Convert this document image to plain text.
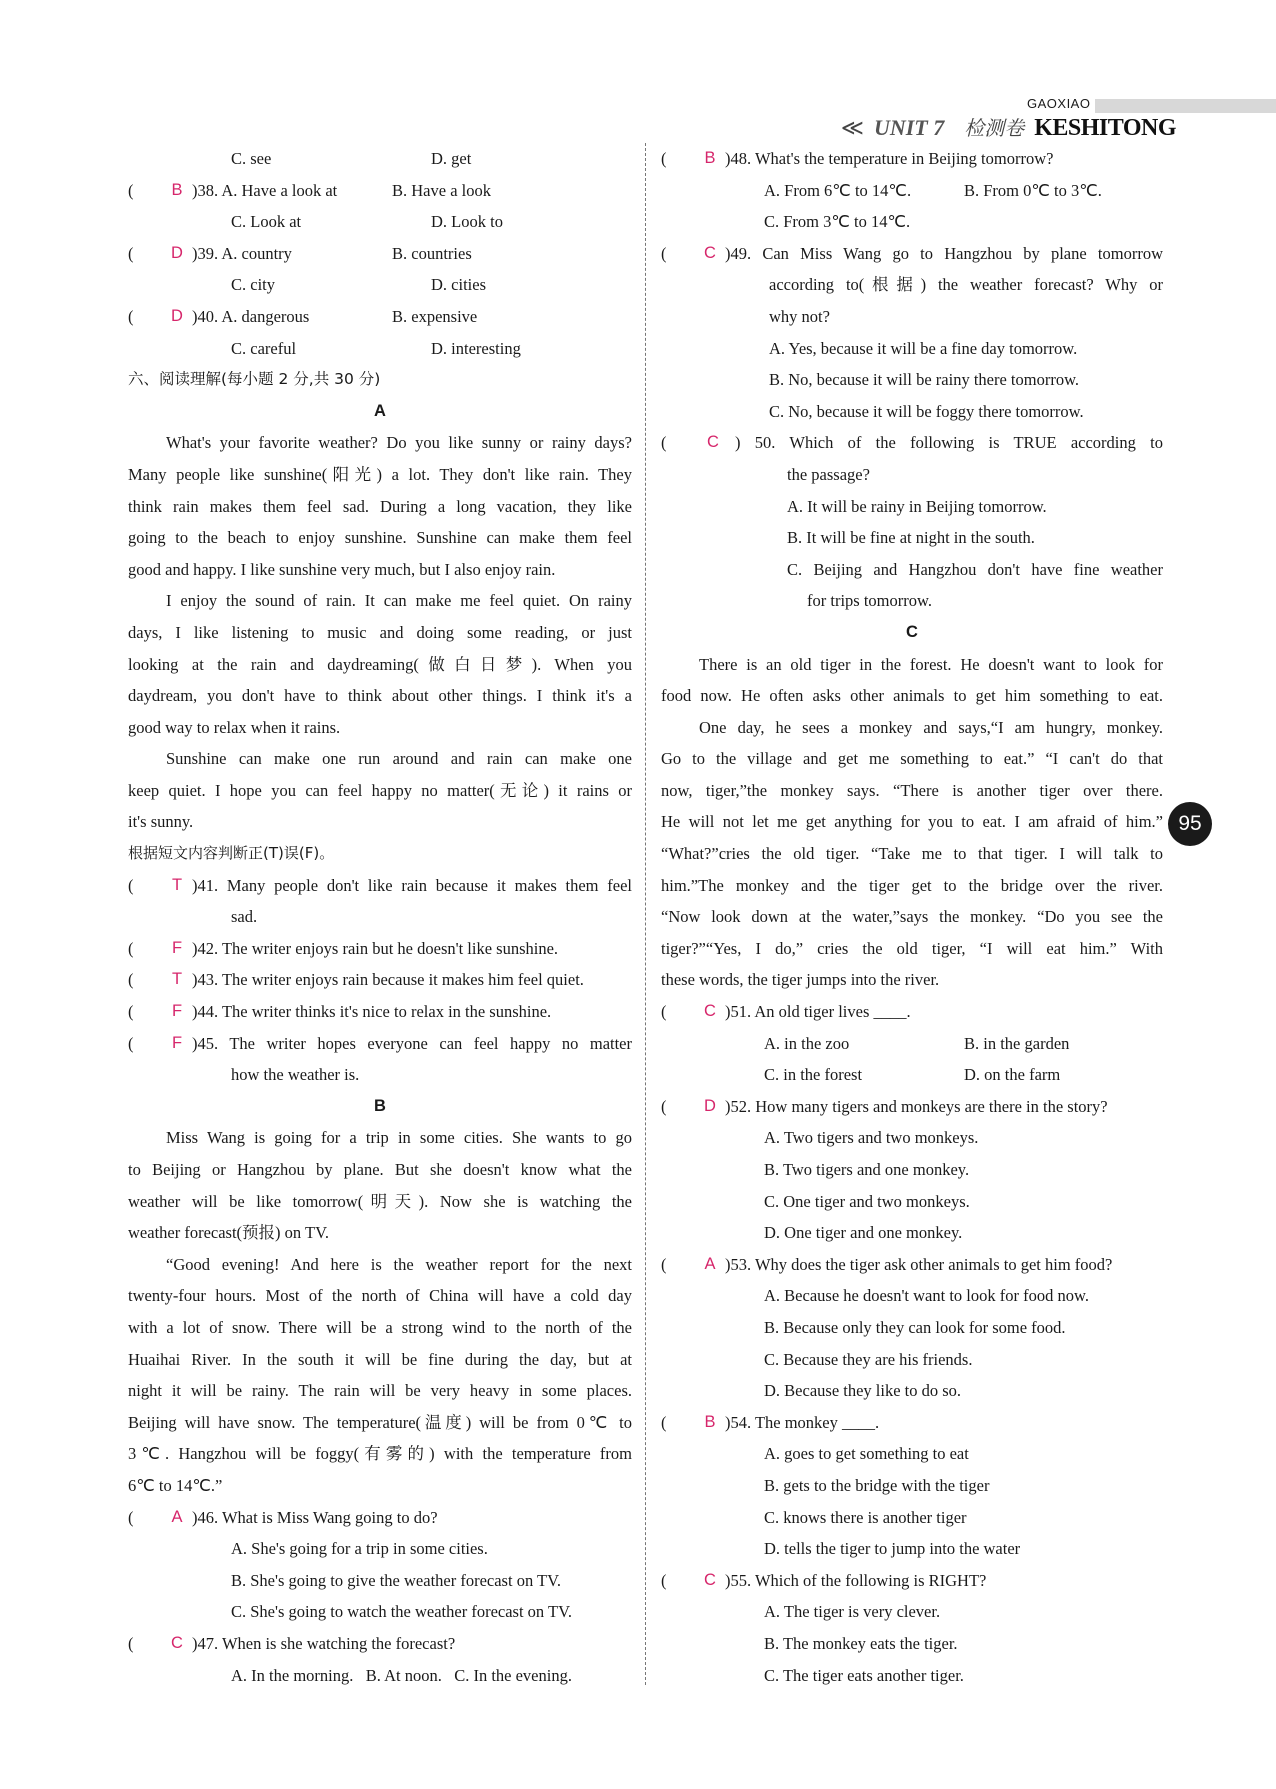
GAOXIAO
≪ UNIT 7 检测卷 KESHITONG
95
C. see	D. get
(	B )38. A. Have a look at	B. Have a look
C. Look at	D. Look to
(	D )39. A. country	B. countries
C. city	D. cities
(	D )40. A. dangerous	B. expensive
C. careful	D. interesting
六、阅读理解(每小题 2 分,共 30 分)
A
What's your favorite weather? Do you like sunny or rainy days?
Many people like sunshine(阳光) a lot. They don't like rain. They
think rain makes them feel sad. During a long vacation, they like
going to the beach to enjoy sunshine. Sunshine can make them feel
good and happy. I like sunshine very much, but I also enjoy rain.
I enjoy the sound of rain. It can make me feel quiet. On rainy
days, I like listening to music and doing some reading, or just
looking at the rain and daydreaming(做白日梦). When you
daydream, you don't have to think about other things. I think it's a
good way to relax when it rains.
Sunshine can make one run around and rain can make one
keep quiet. I hope you can feel happy no matter(无论) it rains or
it's sunny.
根据短文内容判断正(T)误(F)。
(	T )41. Many people don't like rain because it makes them feel
sad.
(	F )42. The writer enjoys rain but he doesn't like sunshine.
(	T )43. The writer enjoys rain because it makes him feel quiet.
(	F )44. The writer thinks it's nice to relax in the sunshine.
(	F )45. The writer hopes everyone can feel happy no matter
how the weather is.
B
Miss Wang is going for a trip in some cities. She wants to go
to Beijing or Hangzhou by plane. But she doesn't know what the
weather will be like tomorrow(明天). Now she is watching the
weather forecast(预报) on TV.
“Good evening! And here is the weather report for the next
twenty-four hours. Most of the north of China will have a cold day
with a lot of snow. There will be a strong wind to the north of the
Huaihai River. In the south it will be fine during the day, but at
night it will be rainy. The rain will be very heavy in some places.
Beijing will have snow. The temperature(温度) will be from 0℃ to
3℃. Hangzhou will be foggy(有雾的) with the temperature from
6℃ to 14℃.”
(	A )46. What is Miss Wang going to do?
A. She's going for a trip in some cities.
B. She's going to give the weather forecast on TV.
C. She's going to watch the weather forecast on TV.
(	C )47. When is she watching the forecast?
A. In the morning.   B. At noon.   C. In the evening.
(	B )48. What's the temperature in Beijing tomorrow?
A. From 6℃ to 14℃.	B. From 0℃ to 3℃.
C. From 3℃ to 14℃.
(	C )49. Can Miss Wang go to Hangzhou by plane tomorrow
according to(根据) the weather forecast? Why or
why not?
A. Yes, because it will be a fine day tomorrow.
B. No, because it will be rainy there tomorrow.
C. No, because it will be foggy there tomorrow.
(	C ) 50. Which of the following is TRUE according to
the passage?
A. It will be rainy in Beijing tomorrow.
B. It will be fine at night in the south.
C. Beijing and Hangzhou don't have fine weather
for trips tomorrow.
C
There is an old tiger in the forest. He doesn't want to look for
food now. He often asks other animals to get him something to eat.
One day, he sees a monkey and says,“I am hungry, monkey.
Go to the village and get me something to eat.” “I can't do that
now, tiger,”the monkey says. “There is another tiger over there.
He will not let me get anything for you to eat. I am afraid of him.”
“What?”cries the old tiger. “Take me to that tiger. I will talk to
him.”The monkey and the tiger get to the bridge over the river.
“Now look down at the water,”says the monkey. “Do you see the
tiger?”“Yes, I do,” cries the old tiger, “I will eat him.” With
these words, the tiger jumps into the river.
(	C )51. An old tiger lives ____.
A. in the zoo	B. in the garden
C. in the forest	D. on the farm
(	D )52. How many tigers and monkeys are there in the story?
A. Two tigers and two monkeys.
B. Two tigers and one monkey.
C. One tiger and two monkeys.
D. One tiger and one monkey.
(	A )53. Why does the tiger ask other animals to get him food?
A. Because he doesn't want to look for food now.
B. Because only they can look for some food.
C. Because they are his friends.
D. Because they like to do so.
(	B )54. The monkey ____.
A. goes to get something to eat
B. gets to the bridge with the tiger
C. knows there is another tiger
D. tells the tiger to jump into the water
(	C )55. Which of the following is RIGHT?
A. The tiger is very clever.
B. The monkey eats the tiger.
C. The tiger eats another tiger.
